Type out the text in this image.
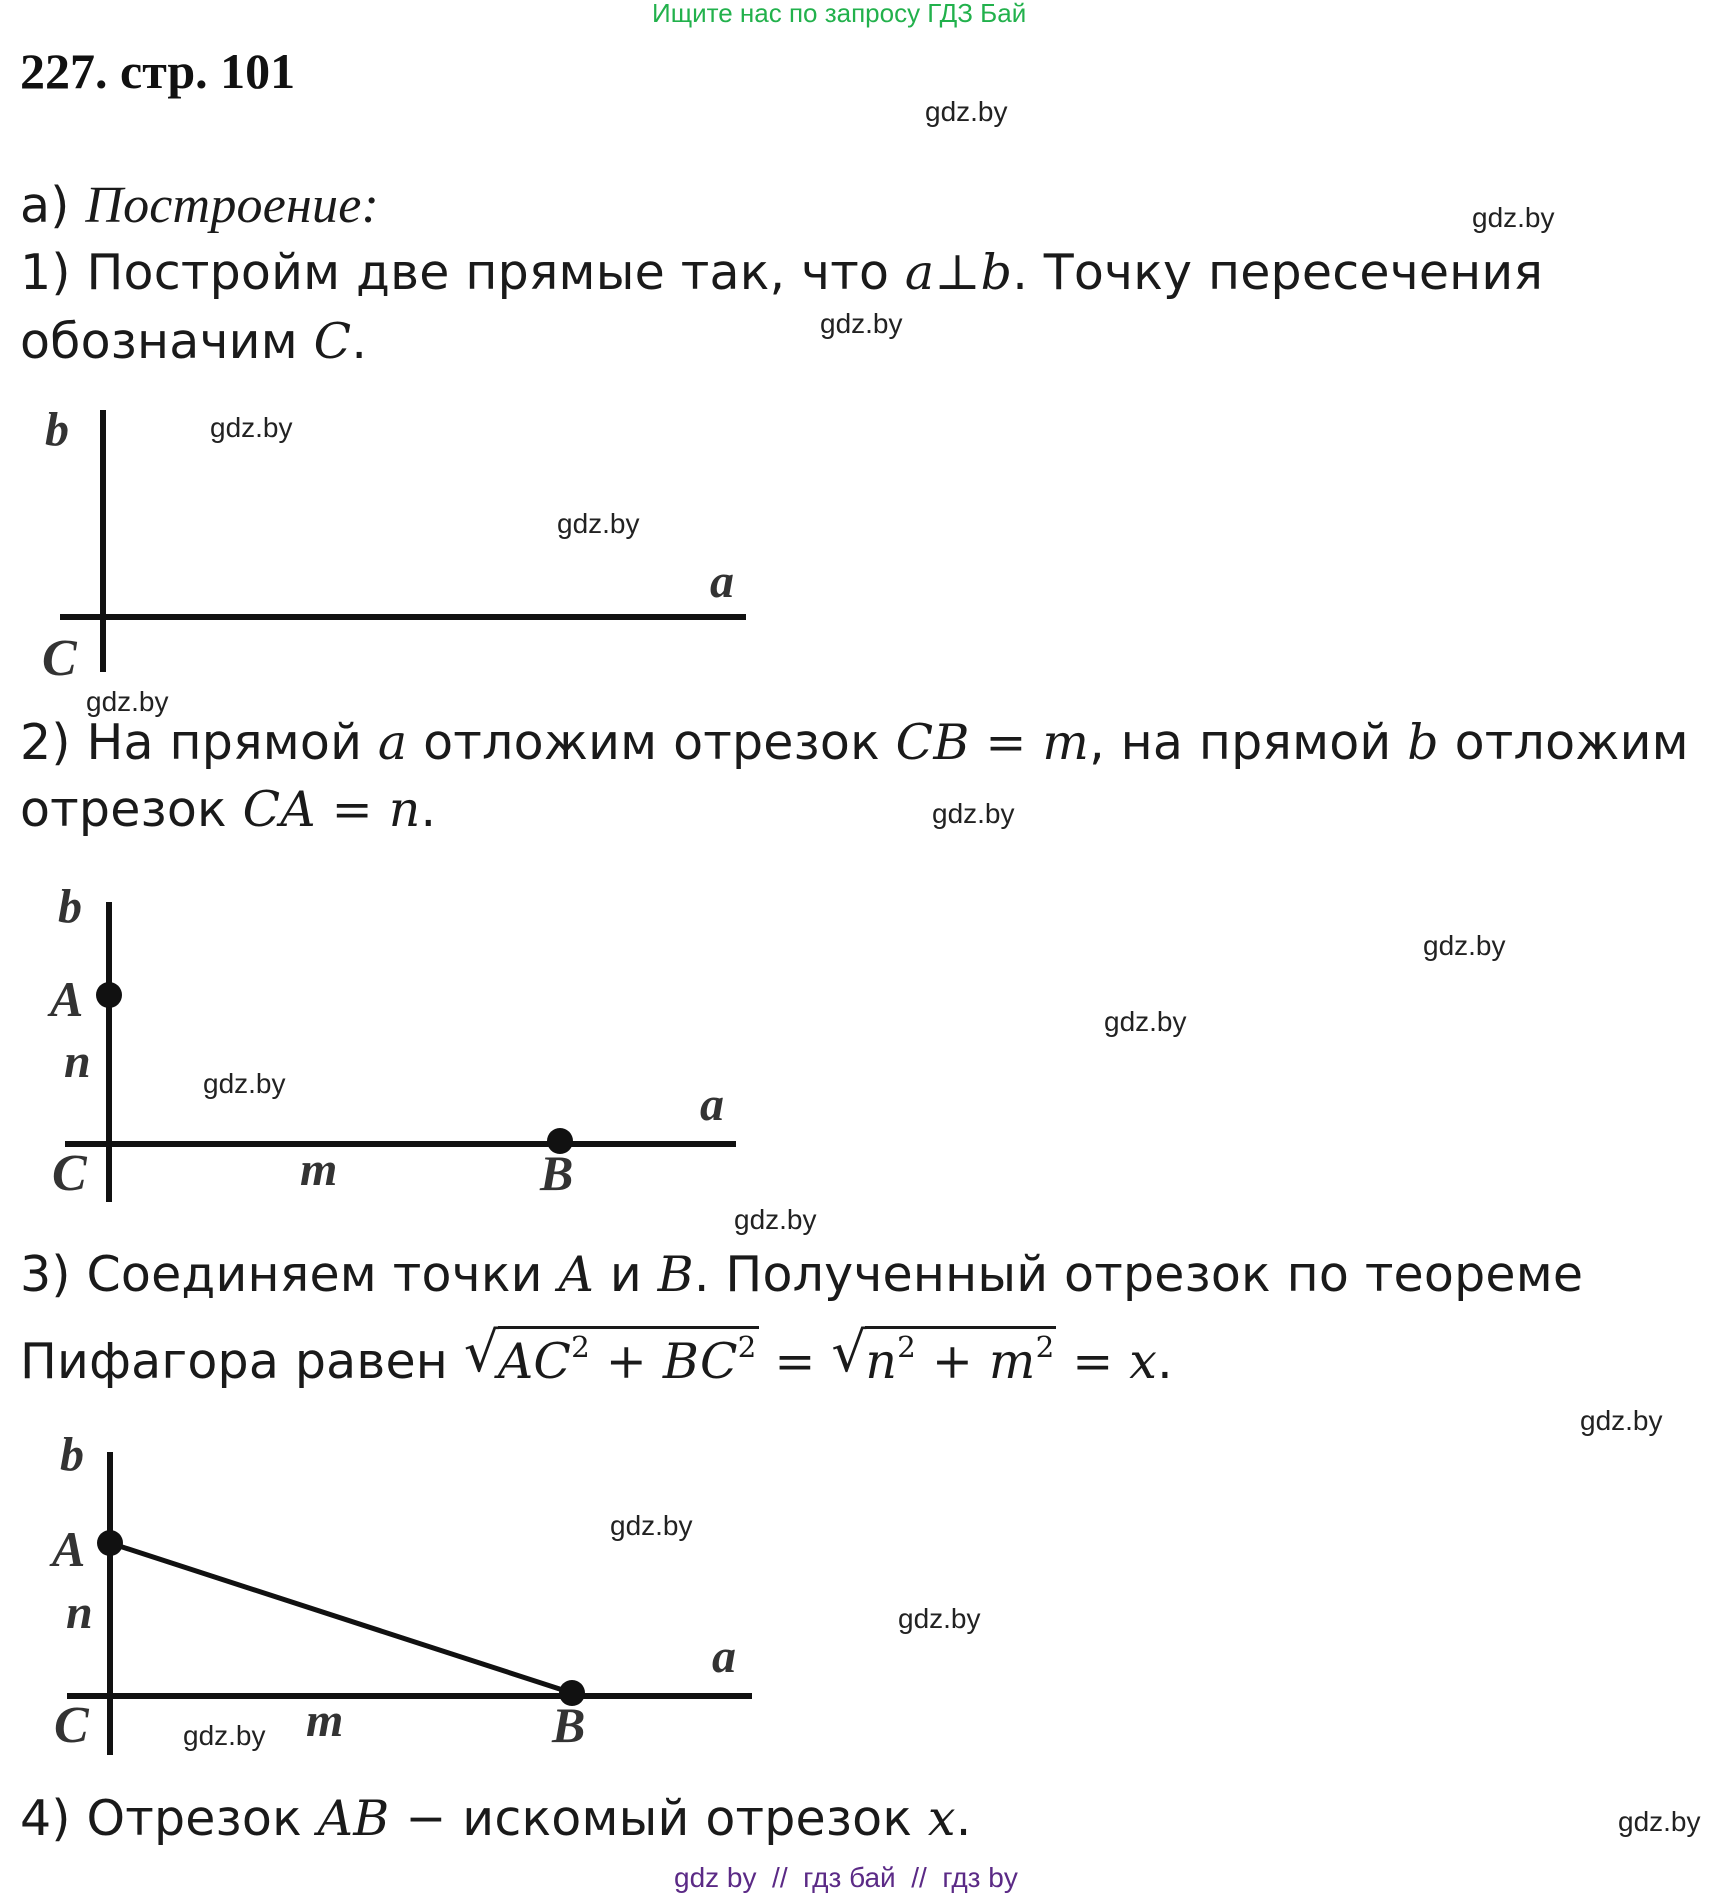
Ищите нас по запросу ГДЗ Бай
227. стр. 101
gdz.by
gdz.by
gdz.by
gdz.by
gdz.by
gdz.by
gdz.by
gdz.by
gdz.by
gdz.by
gdz.by
gdz.by
gdz.by
gdz.by
gdz.by
gdz.by
а) Построение:
1) Постройм две прямые так, что a⊥b. Точку пересечения
обозначим C.
b
a
C
2) На прямой a отложим отрезок CB = m, на прямой b отложим
отрезок CA = n.
b
A
n
a
C	m	B
3) Соединяем точки A и B. Полученный отрезок по теореме
Пифагора равен √
$AC^2 + BC^2$ = √
$n^2 + m^2 = x$.
b
A
n
a
C	m	B
4) Отрезок AB − искомый отрезок x.
gdz by  //  гдз бай  //  гдз by
